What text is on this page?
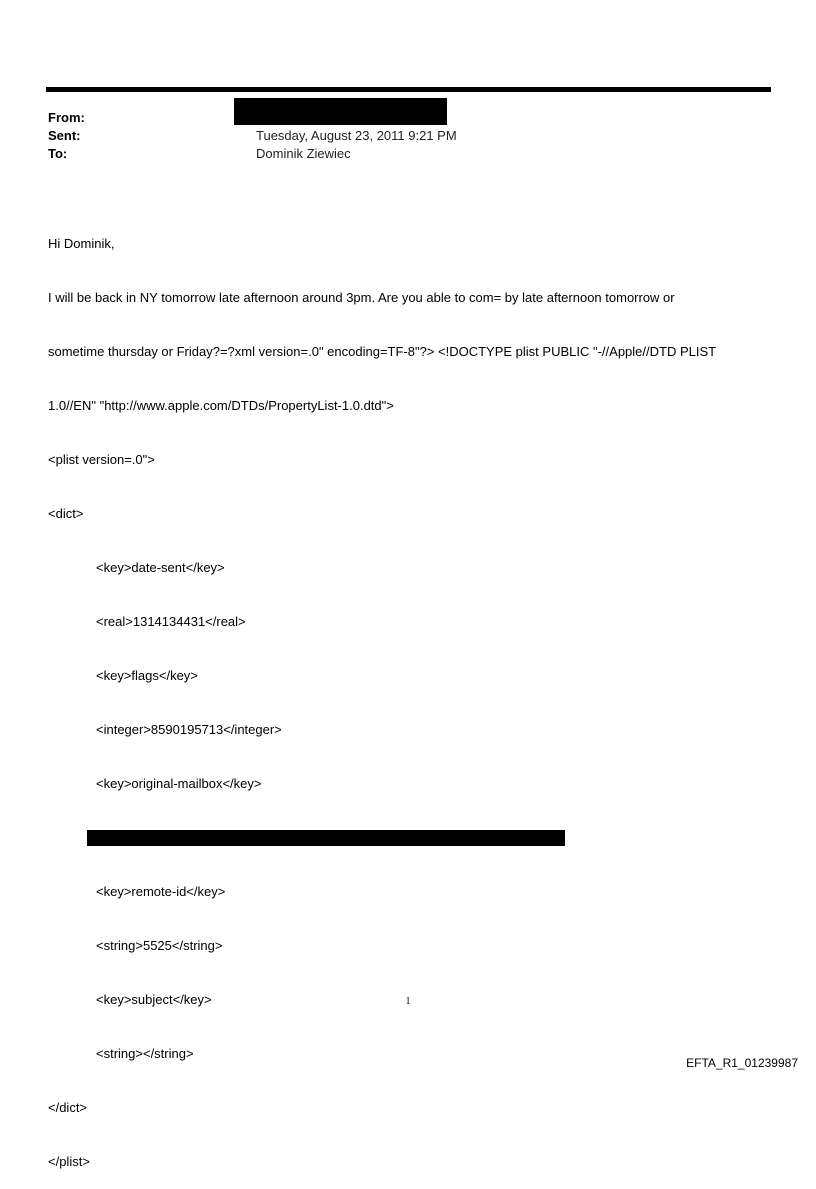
From:
Sent:	Tuesday, August 23, 2011 9:21 PM
To:	Dominik Ziewiec

Hi Dominik,

I will be back in NY tomorrow late afternoon around 3pm. Are you able to com= by late afternoon tomorrow or

sometime thursday or Friday?=?xml version=.0" encoding=TF-8"?> <!DOCTYPE plist PUBLIC "-//Apple//DTD PLIST

1.0//EN" "http://www.apple.com/DTDs/PropertyList-1.0.dtd">

<plist version=.0">

<dict>

<key>date-sent</key>

<real>1314134431</real>

<key>flags</key>

<integer>8590195713</integer>

<key>original-mailbox</key>

<key>remote-id</key>

<string>5525</string>

<key>subject</key>

<string></string>

</dict>

</plist>

1
EFTA_R1_01239987
